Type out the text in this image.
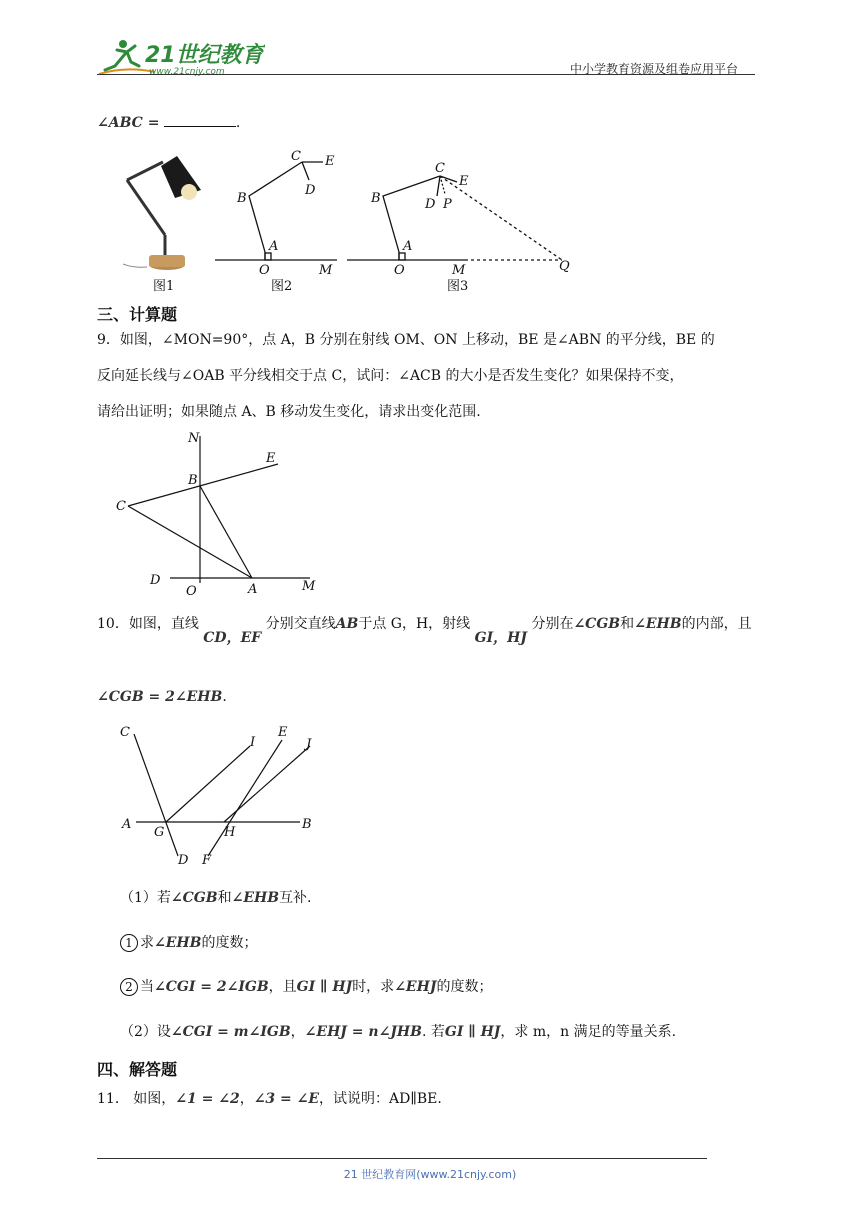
21世纪教育
www.21cnjy.com	中小学教育资源及组卷应用平台
∠ABC =	.
图1
C E
D
B
A
O	M
图2
C
E
D P
B
A
O	M	Q
图3
三、计算题
9．如图，∠MON=90°，点 A，B 分别在射线 OM、ON 上移动，BE 是∠ABN 的平分线，BE 的
反向延长线与∠OAB 平分线相交于点 C，试问：∠ACB 的大小是否发生变化？如果保持不变，
请给出证明；如果随点 A、B 移动发生变化，请求出变化范围.
N
E
B
C
D
O	A	M
10．如图，直线 CD，EF 分别交直线AB于点 G，H，射线 GI，HJ 分别在∠CGB和∠EHB的内部，且
∠CGB = 2∠EHB.
C
I
E
J
A
G	H
B
D F
（1）若∠CGB和∠EHB互补.
1 求∠EHB的度数；
2 当∠CGI = 2∠IGB，且GI ∥ HJ时，求∠EHJ的度数；
（2）设∠CGI = m∠IGB，∠EHJ = n∠JHB. 若GI ∥ HJ，求 m，n 满足的等量关系.
四、解答题
11． 如图，∠1 = ∠2，∠3 = ∠E，试说明：AD∥BE.
21 世纪教育网(www.21cnjy.com)
